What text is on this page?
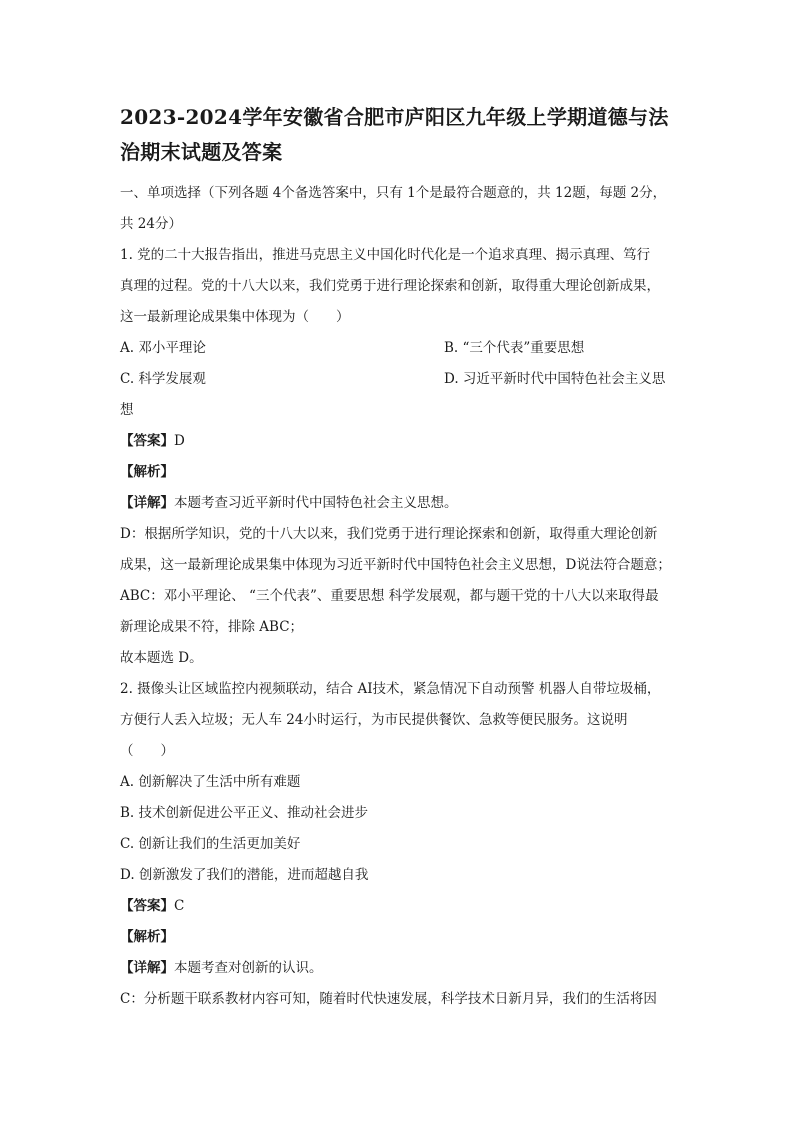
2023-2024学年安徽省合肥市庐阳区九年级上学期道德与法
治期末试题及答案
一、单项选择（下列各题 4个备选答案中，只有 1个是最符合题意的，共 12题，每题 2分，
共 24分）
1. 党的二十大报告指出，推进马克思主义中国化时代化是一个追求真理、揭示真理、笃行
真理的过程。党的十八大以来，我们党勇于进行理论探索和创新，取得重大理论创新成果，
这一最新理论成果集中体现为（　　）
A. 邓小平理论	B. “三个代表”重要思想
C. 科学发展观	D. 习近平新时代中国特色社会主义思
想
【答案】D
【解析】
【详解】本题考查习近平新时代中国特色社会主义思想。
D：根据所学知识，党的十八大以来，我们党勇于进行理论探索和创新，取得重大理论创新
成果，这一最新理论成果集中体现为习近平新时代中国特色社会主义思想，D说法符合题意；
ABC：邓小平理论、 “三个代表”、重要思想 科学发展观，都与题干党的十八大以来取得最
新理论成果不符，排除 ABC；
故本题选 D。
2. 摄像头让区域监控内视频联动，结合 AI技术，紧急情况下自动预警 机器人自带垃圾桶，
方便行人丢入垃圾；无人车 24小时运行，为市民提供餐饮、急救等便民服务。这说明
（　　）
A. 创新解决了生活中所有难题
B. 技术创新促进公平正义、推动社会进步
C. 创新让我们的生活更加美好
D. 创新激发了我们的潜能，进而超越自我
【答案】C
【解析】
【详解】本题考查对创新的认识。
C：分析题干联系教材内容可知，随着时代快速发展，科学技术日新月异，我们的生活将因
